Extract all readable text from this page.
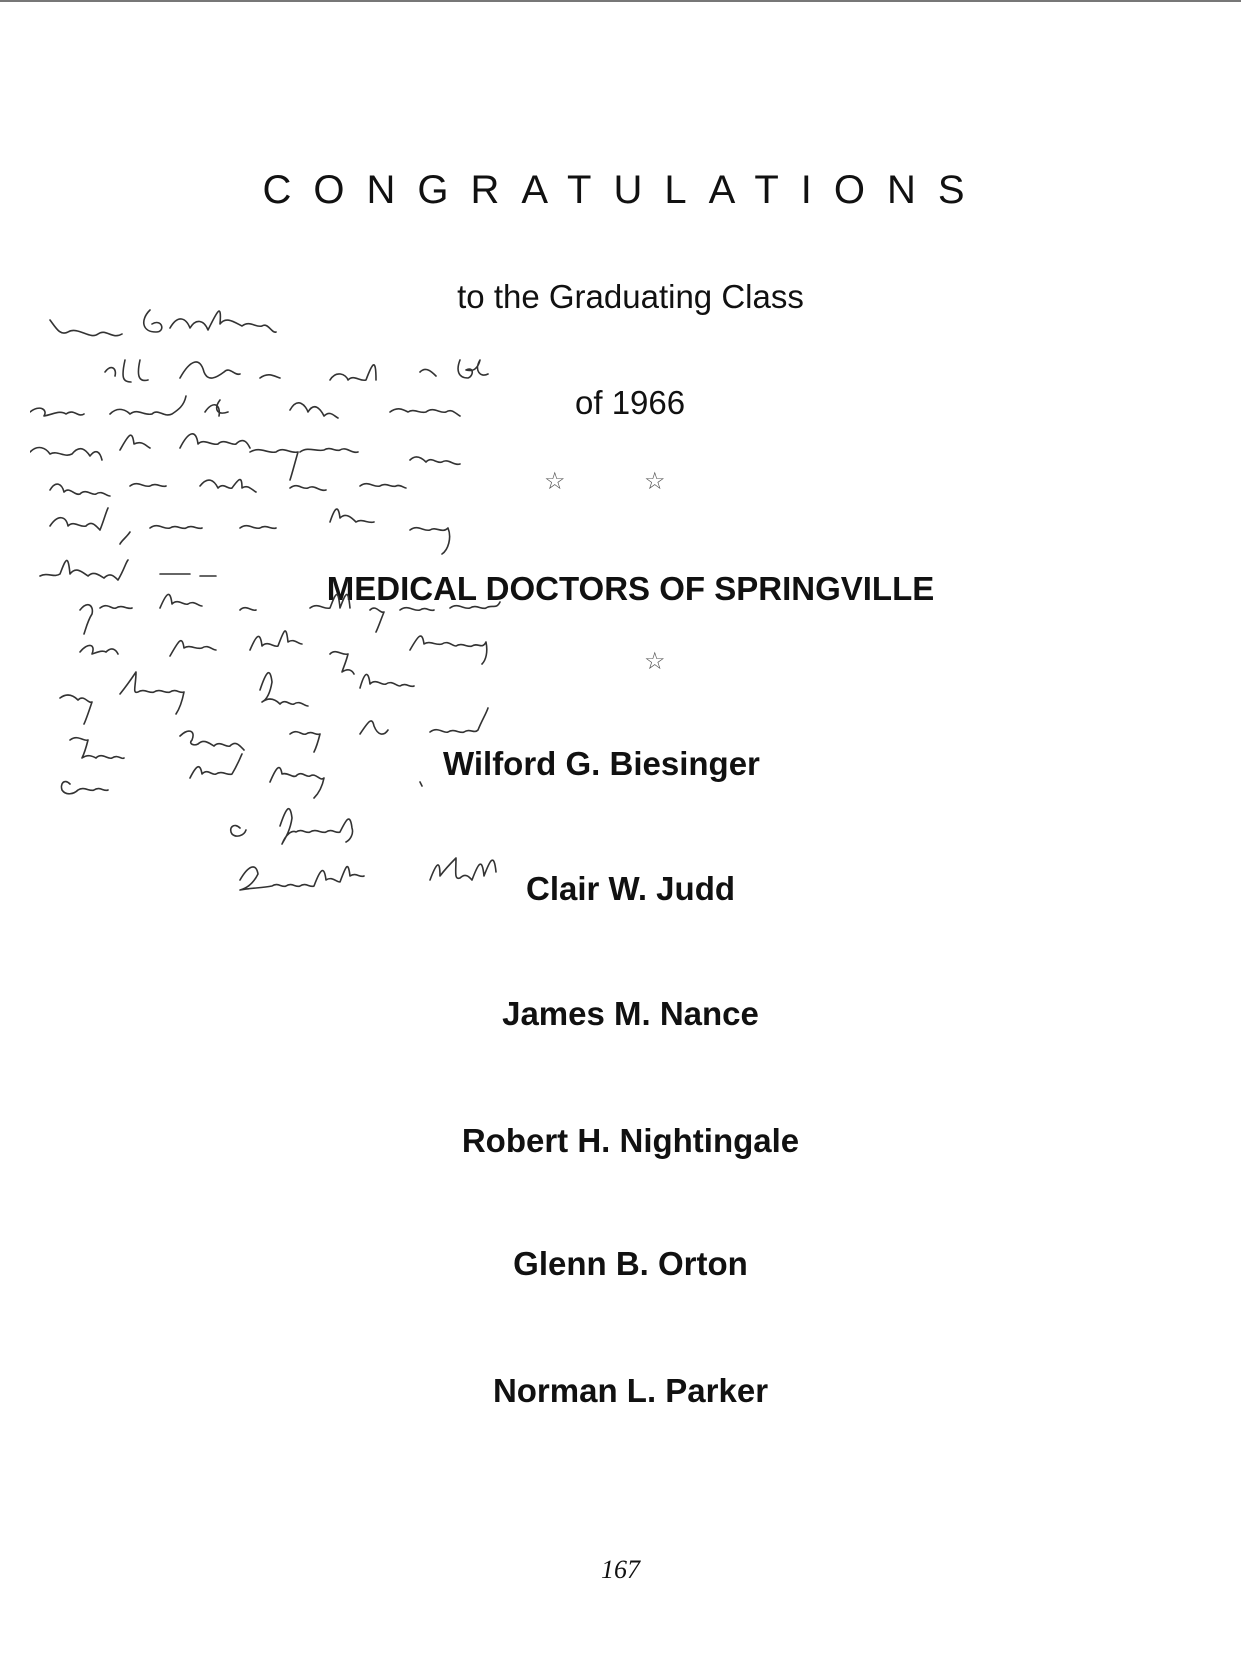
CONGRATULATIONS
to the Graduating Class
of 1966
☆	☆
☆
MEDICAL DOCTORS OF SPRINGVILLE
Wilford G. Biesinger
Clair W. Judd
James M. Nance
Robert H. Nightingale
Glenn B. Orton
Norman L. Parker
167
